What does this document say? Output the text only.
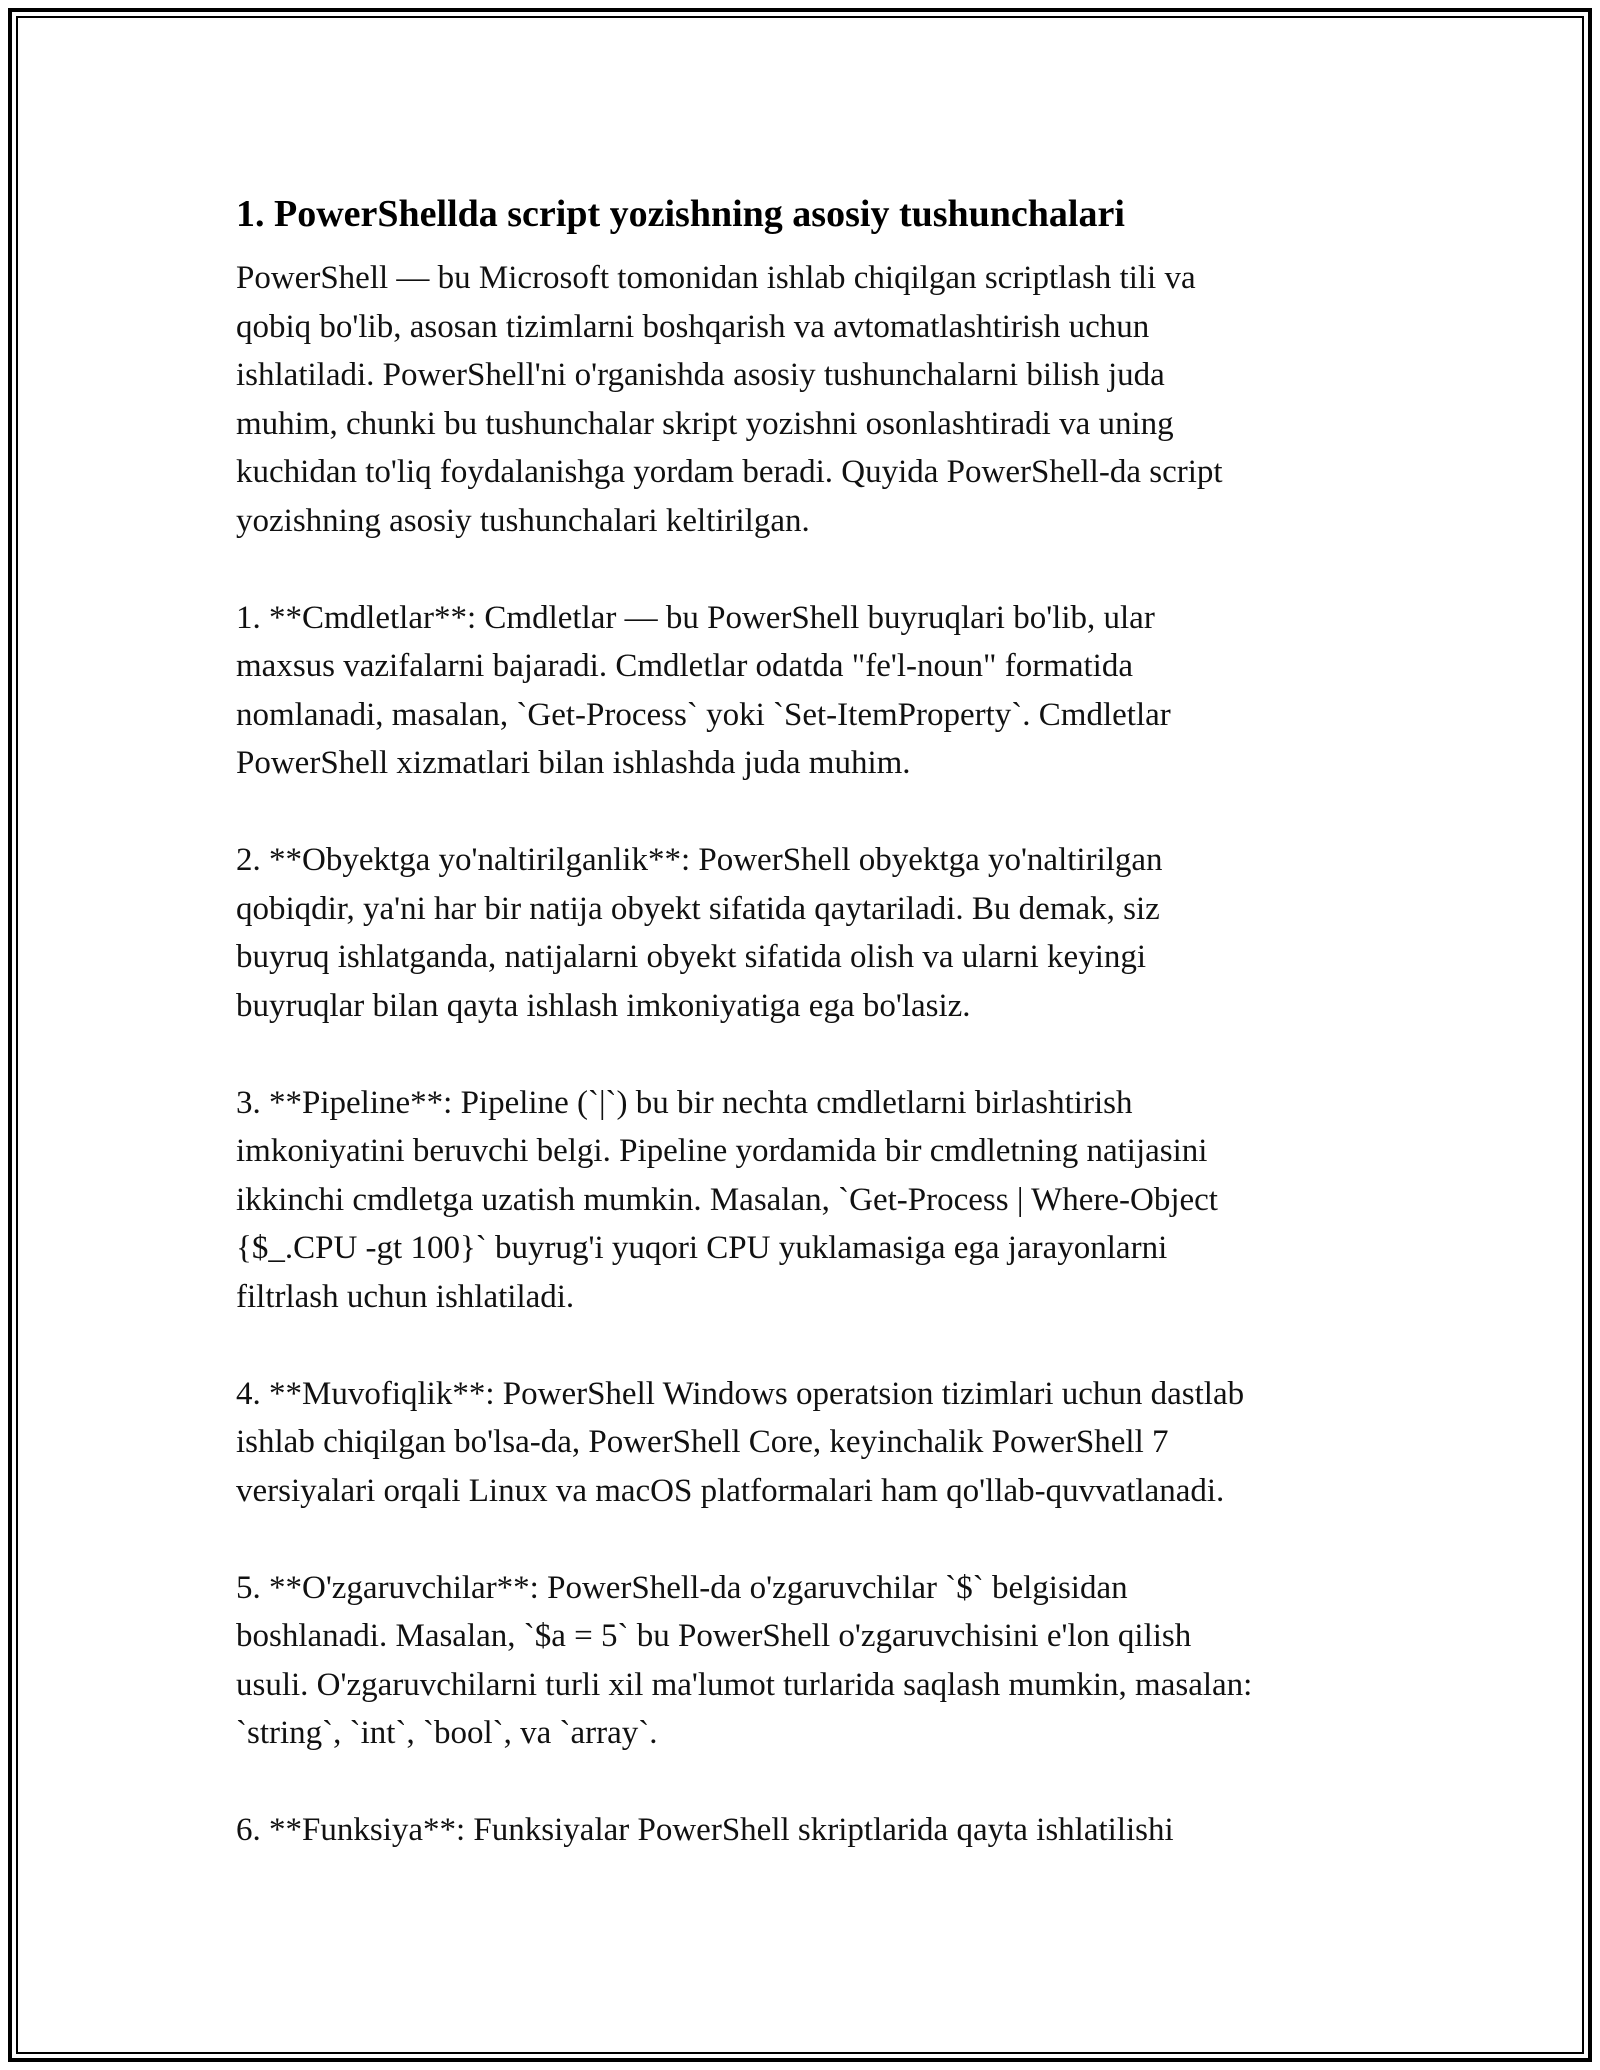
1. PowerShellda script yozishning asosiy tushunchalari

PowerShell — bu Microsoft tomonidan ishlab chiqilgan scriptlash tili va
qobiq bo'lib, asosan tizimlarni boshqarish va avtomatlashtirish uchun
ishlatiladi. PowerShell'ni o'rganishda asosiy tushunchalarni bilish juda
muhim, chunki bu tushunchalar skript yozishni osonlashtiradi va uning
kuchidan to'liq foydalanishga yordam beradi. Quyida PowerShell-da script
yozishning asosiy tushunchalari keltirilgan.

1. **Cmdletlar**: Cmdletlar — bu PowerShell buyruqlari bo'lib, ular
maxsus vazifalarni bajaradi. Cmdletlar odatda "fe'l-noun" formatida
nomlanadi, masalan, `Get-Process` yoki `Set-ItemProperty`. Cmdletlar
PowerShell xizmatlari bilan ishlashda juda muhim.

2. **Obyektga yo'naltirilganlik**: PowerShell obyektga yo'naltirilgan
qobiqdir, ya'ni har bir natija obyekt sifatida qaytariladi. Bu demak, siz
buyruq ishlatganda, natijalarni obyekt sifatida olish va ularni keyingi
buyruqlar bilan qayta ishlash imkoniyatiga ega bo'lasiz.

3. **Pipeline**: Pipeline (`|`) bu bir nechta cmdletlarni birlashtirish
imkoniyatini beruvchi belgi. Pipeline yordamida bir cmdletning natijasini
ikkinchi cmdletga uzatish mumkin. Masalan, `Get-Process | Where-Object
{$_.CPU -gt 100}` buyrug'i yuqori CPU yuklamasiga ega jarayonlarni
filtrlash uchun ishlatiladi.

4. **Muvofiqlik**: PowerShell Windows operatsion tizimlari uchun dastlab
ishlab chiqilgan bo'lsa-da, PowerShell Core, keyinchalik PowerShell 7
versiyalari orqali Linux va macOS platformalari ham qo'llab-quvvatlanadi.

5. **O'zgaruvchilar**: PowerShell-da o'zgaruvchilar `$` belgisidan
boshlanadi. Masalan, `$a = 5` bu PowerShell o'zgaruvchisini e'lon qilish
usuli. O'zgaruvchilarni turli xil ma'lumot turlarida saqlash mumkin, masalan:
`string`, `int`, `bool`, va `array`.

6. **Funksiya**: Funksiyalar PowerShell skriptlarida qayta ishlatilishi
